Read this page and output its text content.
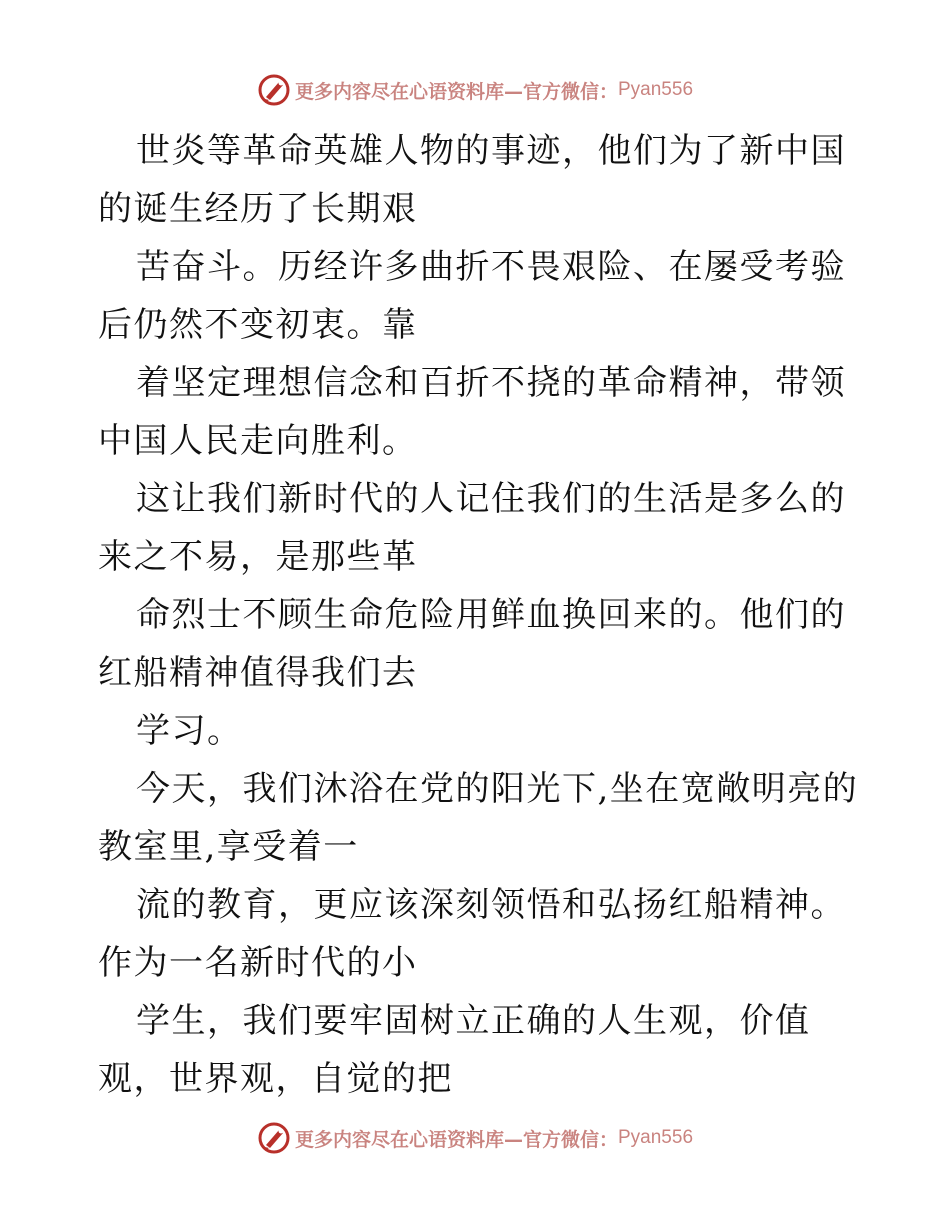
更多内容尽在心语资料库—官方微信： Pyan556

世炎等革命英雄人物的事迹，他们为了新中国的诞生经历了长期艰

苦奋斗。历经许多曲折不畏艰险、在屡受考验后仍然不变初衷。靠

着坚定理想信念和百折不挠的革命精神，带领中国人民走向胜利。

这让我们新时代的人记住我们的生活是多么的来之不易，是那些革

命烈士不顾生命危险用鲜血换回来的。他们的红船精神值得我们去

学习。

今天，我们沐浴在党的阳光下,坐在宽敞明亮的教室里,享受着一

流的教育，更应该深刻领悟和弘扬红船精神。作为一名新时代的小

学生，我们要牢固树立正确的人生观，价值观，世界观，自觉的把

更多内容尽在心语资料库—官方微信： Pyan556
